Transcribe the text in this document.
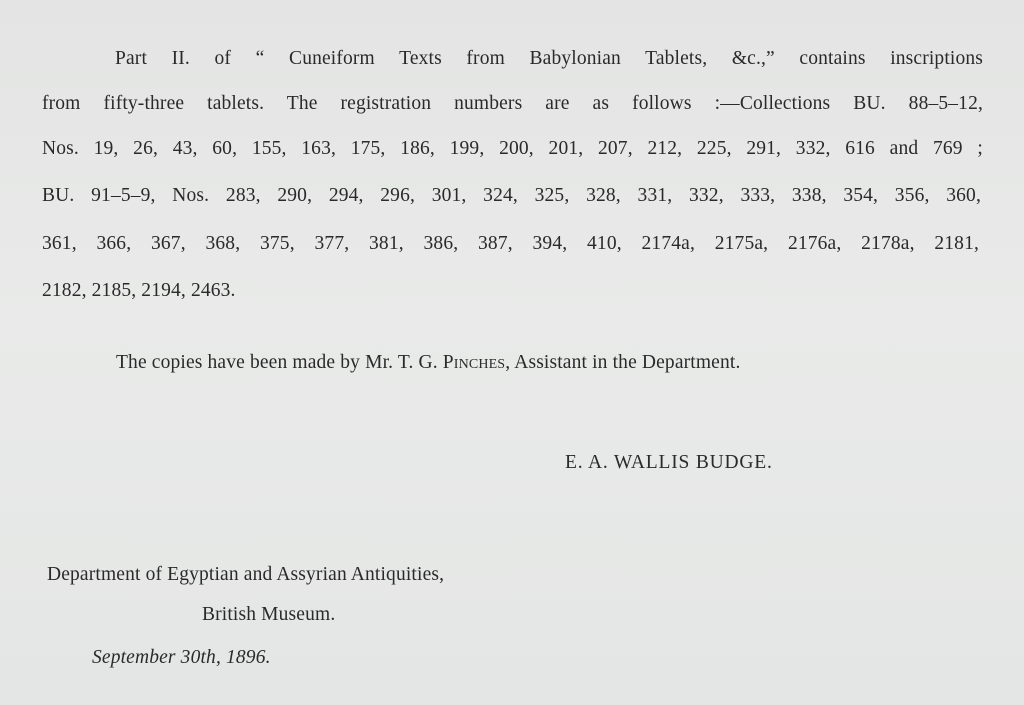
Part II. of “ Cuneiform Texts from Babylonian Tablets, &c.,” contains inscriptions
from fifty-three tablets. The registration numbers are as follows :—Collections BU. 88–5–12,
Nos. 19, 26, 43, 60, 155, 163, 175, 186, 199, 200, 201, 207, 212, 225, 291, 332, 616 and 769 ;
BU. 91–5–9, Nos. 283, 290, 294, 296, 301, 324, 325, 328, 331, 332, 333, 338, 354, 356, 360,
361, 366, 367, 368, 375, 377, 381, 386, 387, 394, 410, 2174a, 2175a, 2176a, 2178a, 2181,
2182, 2185, 2194, 2463.
The copies have been made by Mr. T. G. Pinches, Assistant in the Department.
E. A. WALLIS BUDGE.
Department of Egyptian and Assyrian Antiquities,
British Museum.
September 30th, 1896.
